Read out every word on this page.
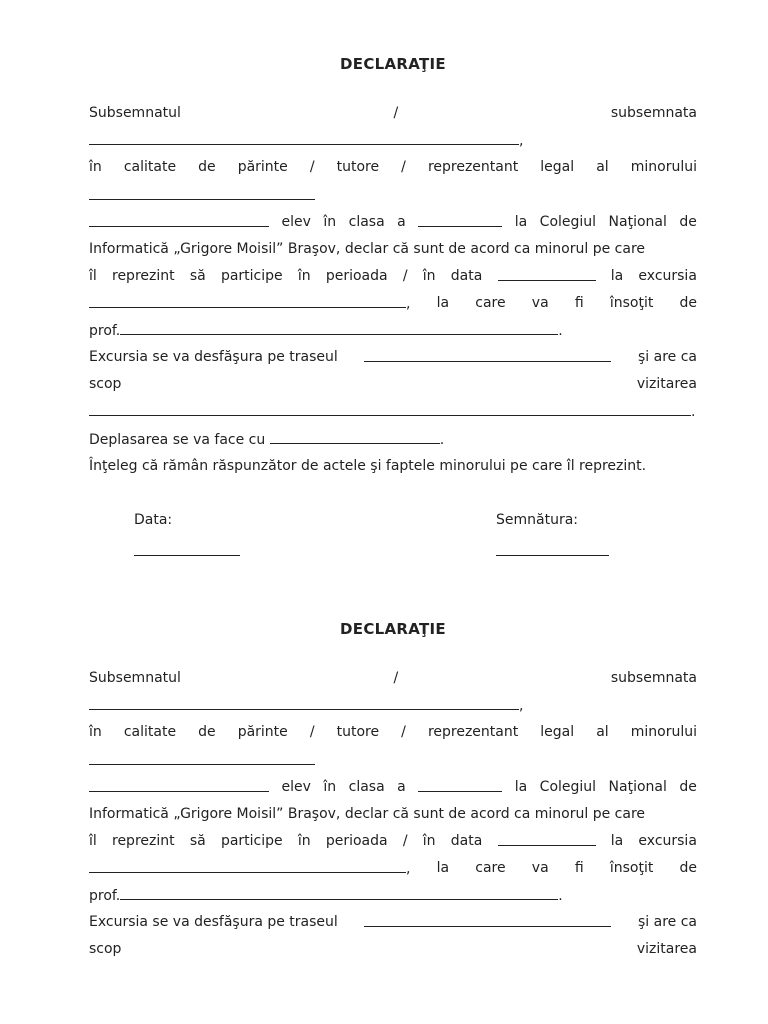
DECLARAŢIE
Subsemnatul	/	subsemnata
,
în calitate de părinte / tutore / reprezentant legal al minorului
elev în clasa a	la Colegiul Naţional de
Informatică „Grigore Moisil” Braşov, declar că sunt de acord ca minorul pe care
îl reprezint să participe în perioada / în data	la excursia
, la care va fi însoţit de
prof.	.
Excursia se va desfăşura pe traseul	şi are ca
scop	vizitarea
.
Deplasarea se va face cu	.
Înţeleg că rămân răspunzător de actele şi faptele minorului pe care îl reprezint.
Data:	Semnătura:
DECLARAŢIE
Subsemnatul	/	subsemnata
,
în calitate de părinte / tutore / reprezentant legal al minorului
elev în clasa a	la Colegiul Naţional de
Informatică „Grigore Moisil” Braşov, declar că sunt de acord ca minorul pe care
îl reprezint să participe în perioada / în data	la excursia
, la care va fi însoţit de
prof.	.
Excursia se va desfăşura pe traseul	şi are ca
scop	vizitarea
